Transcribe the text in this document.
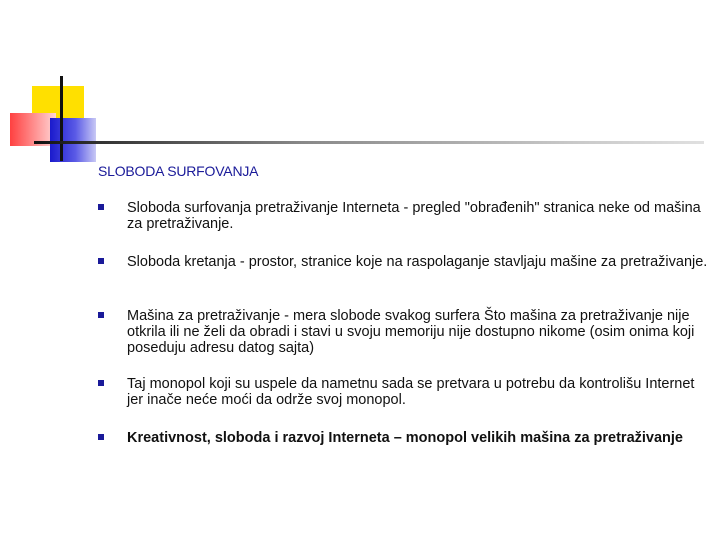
SLOBODA SURFOVANJA
Sloboda surfovanja pretraživanje Interneta - pregled "obrađenih" stranica neke od mašina za pretraživanje.
Sloboda kretanja - prostor, stranice koje na raspolaganje stavljaju mašine za pretraživanje.
Mašina za pretraživanje - mera slobode svakog surfera Što mašina za pretraživanje nije otkrila ili ne želi da obradi i stavi u svoju memoriju nije dostupno nikome (osim onima koji poseduju adresu datog sajta)
Taj monopol koji su uspele da nametnu sada se pretvara u potrebu da kontrolišu Internet jer inače neće moći da održe svoj monopol.
Kreativnost, sloboda i razvoj Interneta – monopol velikih mašina za pretraživanje
